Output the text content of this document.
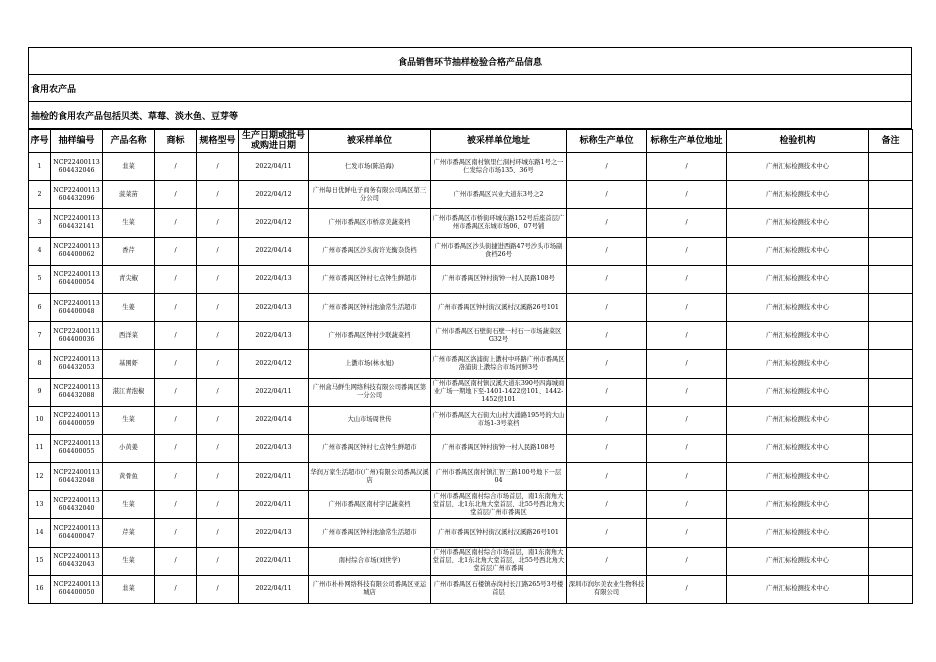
食品销售环节抽样检验合格产品信息
食用农产品
抽检的食用农产品包括贝类、草莓、淡水鱼、豆芽等
序号	抽样编号	产品名称	商标	规格型号	生产日期或批号或购进日期	被采样单位	被采样单位地址	标称生产单位	标称生产单位地址	检验机构	备注
1	NCP22400113604432046	韭菜	/	/	2022/04/11	仁发市场(陈沿海)	广州市番禺区南村镇里仁洞村环城东路1号之一仁发综合市场135、36号	/	/	广州汇标检测技术中心	
2	NCP22400113604432096	菠菜苗	/	/	2022/04/12	广州每日优鲜电子商务有限公司禺区第三分公司	广州市番禺区兴业大道东3号之2	/	/	广州汇标检测技术中心	
3	NCP22400113604432141	生菜	/	/	2022/04/12	广州市番禺区市桥彦美蔬菜档	广州市番禺区市桥街环城东路152号后座首层广州市番禺区东城市场06、07号铺	/	/	广州汇标检测技术中心	
4	NCP22400113604400062	香芹	/	/	2022/04/14	广州市番禺区沙头街许光衡杂货档	广州市番禺区沙头街捷进西路47号沙头市场副食档26号	/	/	广州汇标检测技术中心	
5	NCP22400113604400054	青尖椒	/	/	2022/04/13	广州市番禺区钟村七点钟生鲜超市	广州市番禺区钟村街钟一村人民路108号	/	/	广州汇标检测技术中心	
6	NCP22400113604400048	生姜	/	/	2022/04/13	广州市番禺区钟村池渝常生活超市	广州市番禺区钟村街汉溪村汉溪路26号101	/	/	广州汇标检测技术中心	
7	NCP22400113604400036	西洋菜	/	/	2022/04/13	广州市番禺区钟村少联蔬菜档	广州市番禺区石壁街石壁一村石一市场蔬菜区G32号	/	/	广州汇标检测技术中心	
8	NCP22400113604432053	基围虾	/	/	2022/04/12	上漖市场(林永旭)	广州市番禺区洛浦街上漖村中环路广州市番禺区洛浦街上漖综合市场河鲜3号	/	/	广州汇标检测技术中心	
9	NCP22400113604432088	湛江青泡椒	/	/	2022/04/11	广州盒马鲜生网络科技有限公司番禺区第一分公司	广州市番禺区南村镇汉溪大道东390号四海城商业广场一期地下至-1401-1422房101、1442-1452房101	/	/	广州汇标检测技术中心	
10	NCP22400113604400059	生菜	/	/	2022/04/14	大山市场周世传	广州市番禺区大石街大山村大涌路195号的大山市场1-3号菜档	/	/	广州汇标检测技术中心	
11	NCP22400113604400055	小黄姜	/	/	2022/04/13	广州市番禺区钟村七点钟生鲜超市	广州市番禺区钟村街钟一村人民路108号	/	/	广州汇标检测技术中心	
12	NCP22400113604432048	黄骨鱼	/	/	2022/04/11	华润万家生活超市(广州)有限公司番禺汉溪店	广州市番禺区南村镇汇智三路100号地下一层04	/	/	广州汇标检测技术中心	
13	NCP22400113604432040	生菜	/	/	2022/04/11	广州市番禺区南村宇记蔬菜档	广州市番禺区南村综合市场首层，南1东南角大堂首层、北1东北角大堂首层、北55号西北角大堂首层广州市番禺区	/	/	广州汇标检测技术中心	
14	NCP22400113604400047	芹菜	/	/	2022/04/13	广州市番禺区钟村池渝常生活超市	广州市番禺区钟村街汉溪村汉溪路26号101	/	/	广州汇标检测技术中心	
15	NCP22400113604432043	生菜	/	/	2022/04/11	南村综合市场(刘世学)	广州市番禺区南村综合市场首层，南1东南角大堂首层、北1东北角大堂首层，北55号西北角大堂首层广州市番禺	/	/	广州汇标检测技术中心	
16	NCP22400113604400050	韭菜	/	/	2022/04/11	广州市朴朴网络科技有限公司番禺区亚运城店	广州市番禺区石楼镇赤岗村长江路265号3号楼首层	深圳市润尔美农业生物科技有限公司	/	广州汇标检测技术中心	
